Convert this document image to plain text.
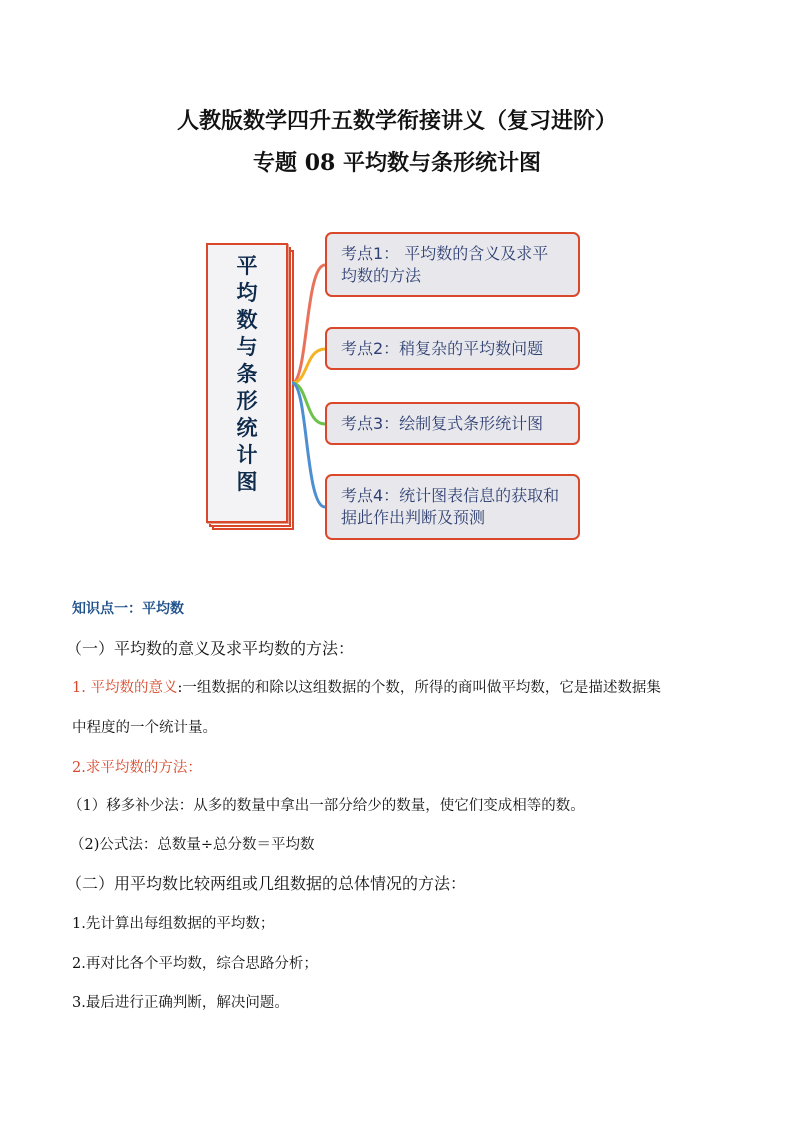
人教版数学四升五数学衔接讲义（复习进阶）
专题 08 平均数与条形统计图
平
均
数
与
条
形
统
计
图
考点1： 平均数的含义及求平均数的方法
考点2：稍复杂的平均数问题
考点3：绘制复式条形统计图
考点4：统计图表信息的获取和据此作出判断及预测
知识点一：平均数
（一）平均数的意义及求平均数的方法：
1. 平均数的意义:一组数据的和除以这组数据的个数，所得的商叫做平均数，它是描述数据集
中程度的一个统计量。
2.求平均数的方法：
（1）移多补少法：从多的数量中拿出一部分给少的数量，使它们变成相等的数。
（2)公式法：总数量÷总分数＝平均数
（二）用平均数比较两组或几组数据的总体情况的方法：
1.先计算出每组数据的平均数；
2.再对比各个平均数，综合思路分析；
3.最后进行正确判断，解决问题。
